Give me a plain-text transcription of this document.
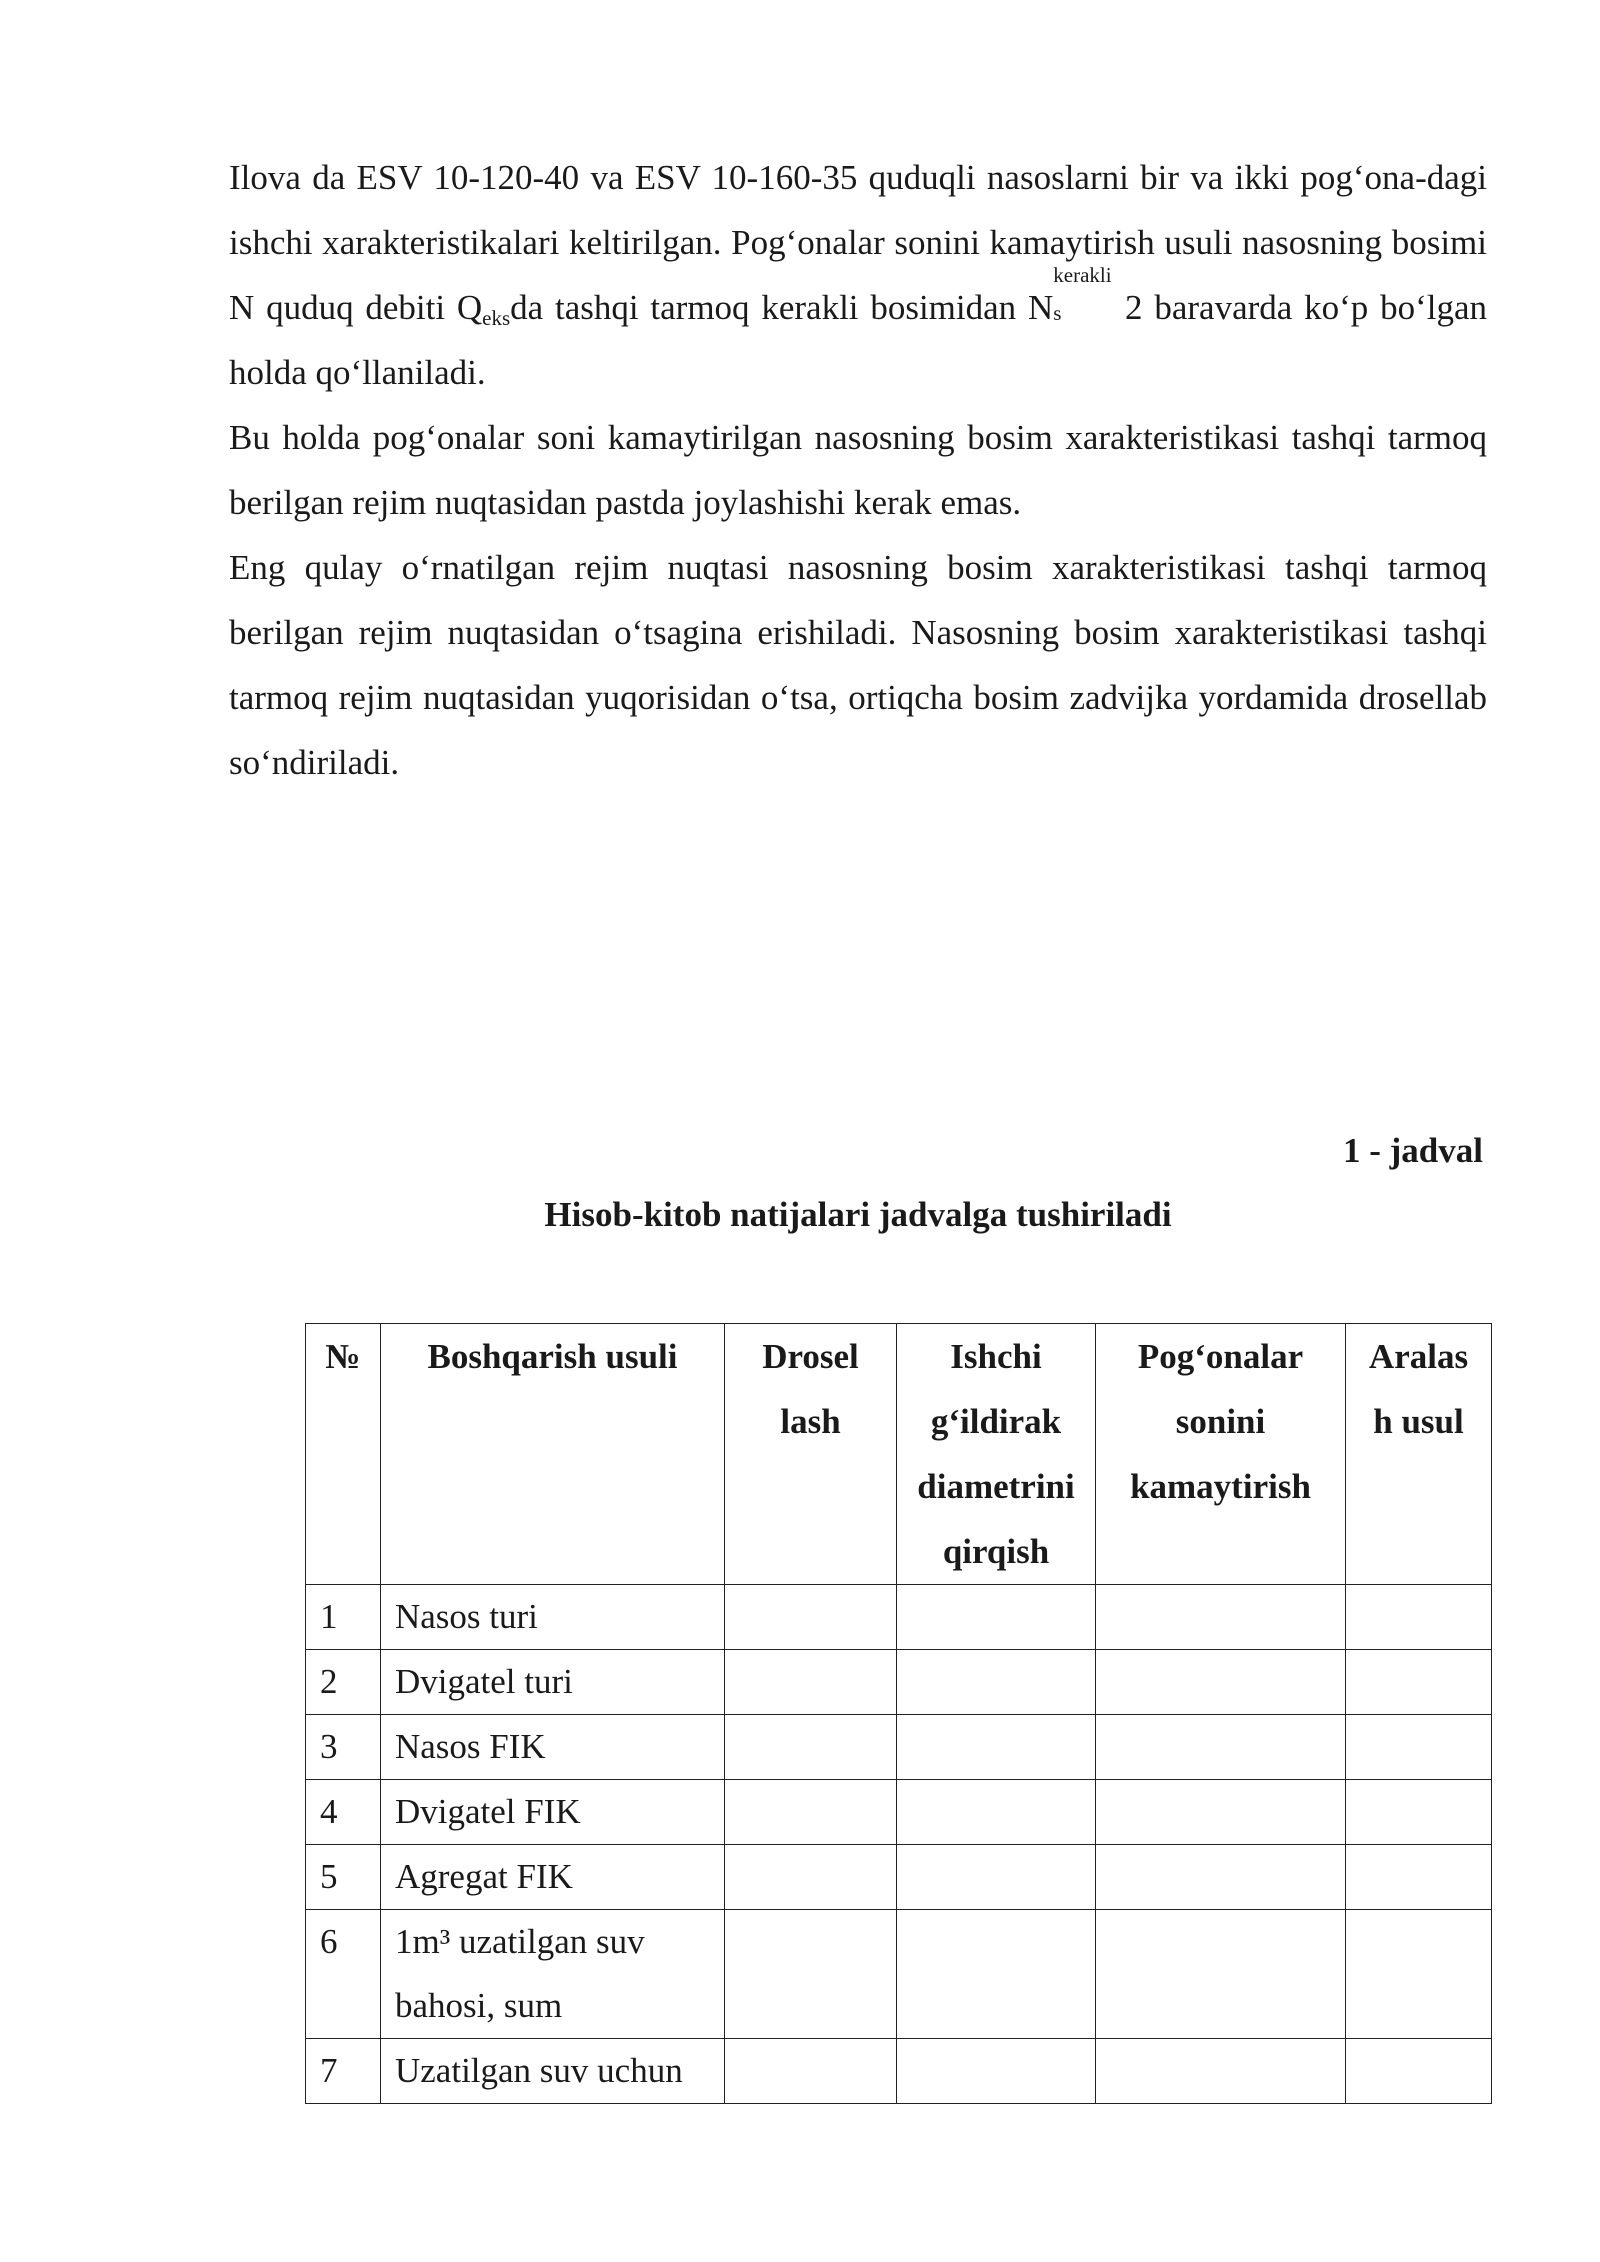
Ilova da ESV 10-120-40 va ESV 10-160-35 quduqli nasoslarni bir va ikki pog‘ona-dagi ishchi xarakteristikalari keltirilgan. Pog‘onalar sonini kamaytirish usuli nasosning bosimi N quduq debiti $Q_{eks}da$ tashqi tarmoq kerakli bosimidan N
kerakli
s 2 baravarda ko‘p bo‘lgan holda qo‘llaniladi.

Bu holda pog‘onalar soni kamaytirilgan nasosning bosim xarakteristikasi tashqi tarmoq berilgan rejim nuqtasidan pastda joylashishi kerak emas.

Eng qulay o‘rnatilgan rejim nuqtasi nasosning bosim xarakteristikasi tashqi tarmoq berilgan rejim nuqtasidan o‘tsagina erishiladi. Nasosning bosim xarakteristikasi tashqi tarmoq rejim nuqtasidan yuqorisidan o‘tsa, ortiqcha bosim zadvijka yordamida drosellab so‘ndiriladi.

1 - jadval
Hisob-kitob natijalari jadvalga tushiriladi
№	Boshqarish usuli	Drosel lash	Ishchi g‘ildirak diametrini qirqish	Pog‘onalar sonini kamaytirish	Aralas h usul
1	Nasos turi				
2	Dvigatel turi				
3	Nasos FIK				
4	Dvigatel FIK				
5	Agregat FIK				
6	1m³ uzatilgan suv bahosi, sum				
7	Uzatilgan suv uchun				
